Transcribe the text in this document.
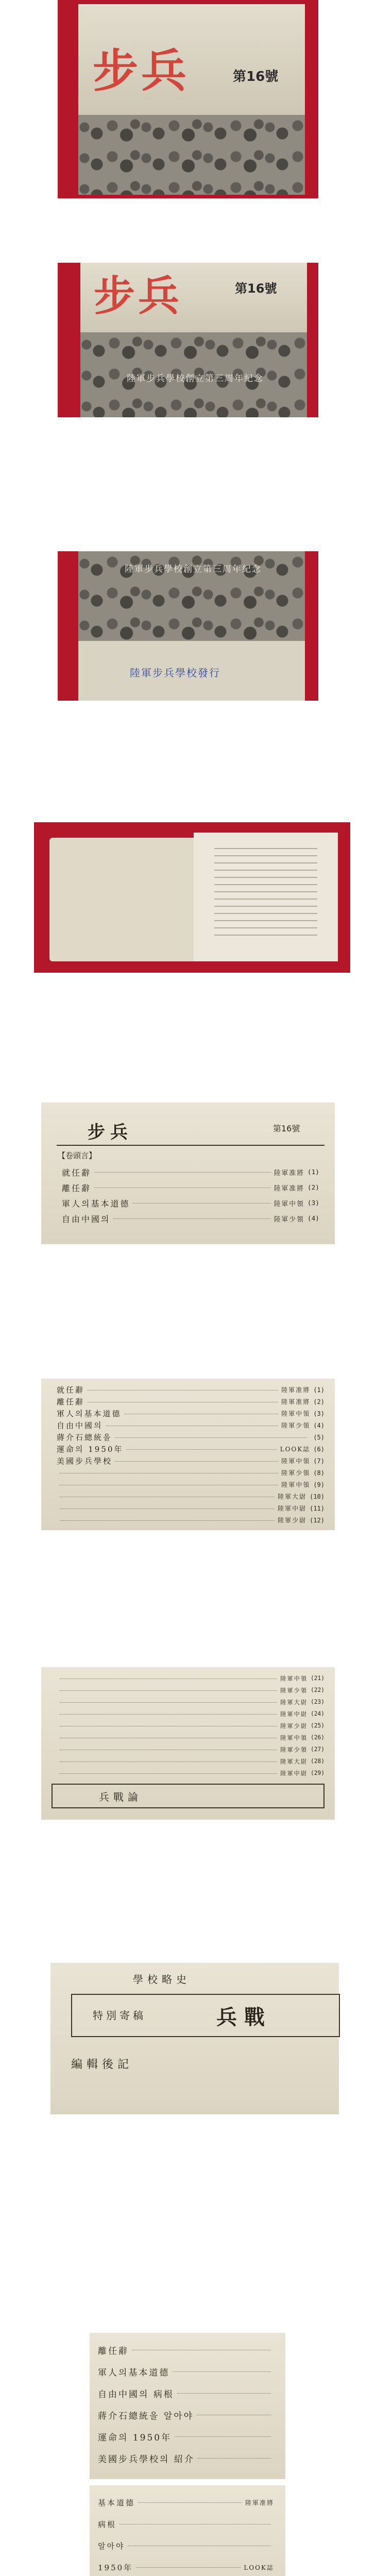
步兵	第16號
步兵	第16號
陸軍步兵學校創立第三周年紀念
陸軍步兵學校創立第三周年紀念
陸軍步兵學校發行
步兵	第16號
【卷頭言】
就任辭	陸軍准將 (1)
離任辭	陸軍准將 (2)
軍人의基本道德	陸軍中領 (3)
自由中國의	陸軍少領 (4)
就任辭	陸軍准將 (1)
離任辭	陸軍准將 (2)
軍人의基本道德	陸軍中領 (3)
自由中國의	陸軍少領 (4)
蔣介石總統을	(5)
運命의 1950年	LOOK誌 (6)
美國步兵學校	陸軍中領 (7)
陸軍少領 (8)
陸軍中領 (9)
陸軍大尉 (10)
陸軍中尉 (11)
陸軍少尉 (12)
陸軍中領 (21)
陸軍少領 (22)
陸軍大尉 (23)
陸軍中尉 (24)
陸軍少尉 (25)
陸軍中領 (26)
陸軍少領 (27)
陸軍大尉 (28)
陸軍中尉 (29)
兵戰論
學校略史
特別寄稿	兵戰
編輯後記
離任辭
軍人의基本道德
自由中國의 病根
蔣介石總統을 알아야
運命의 1950年
美國步兵學校의 紹介
基本道德	陸軍准將
病根
알아야
1950年	LOOK誌
